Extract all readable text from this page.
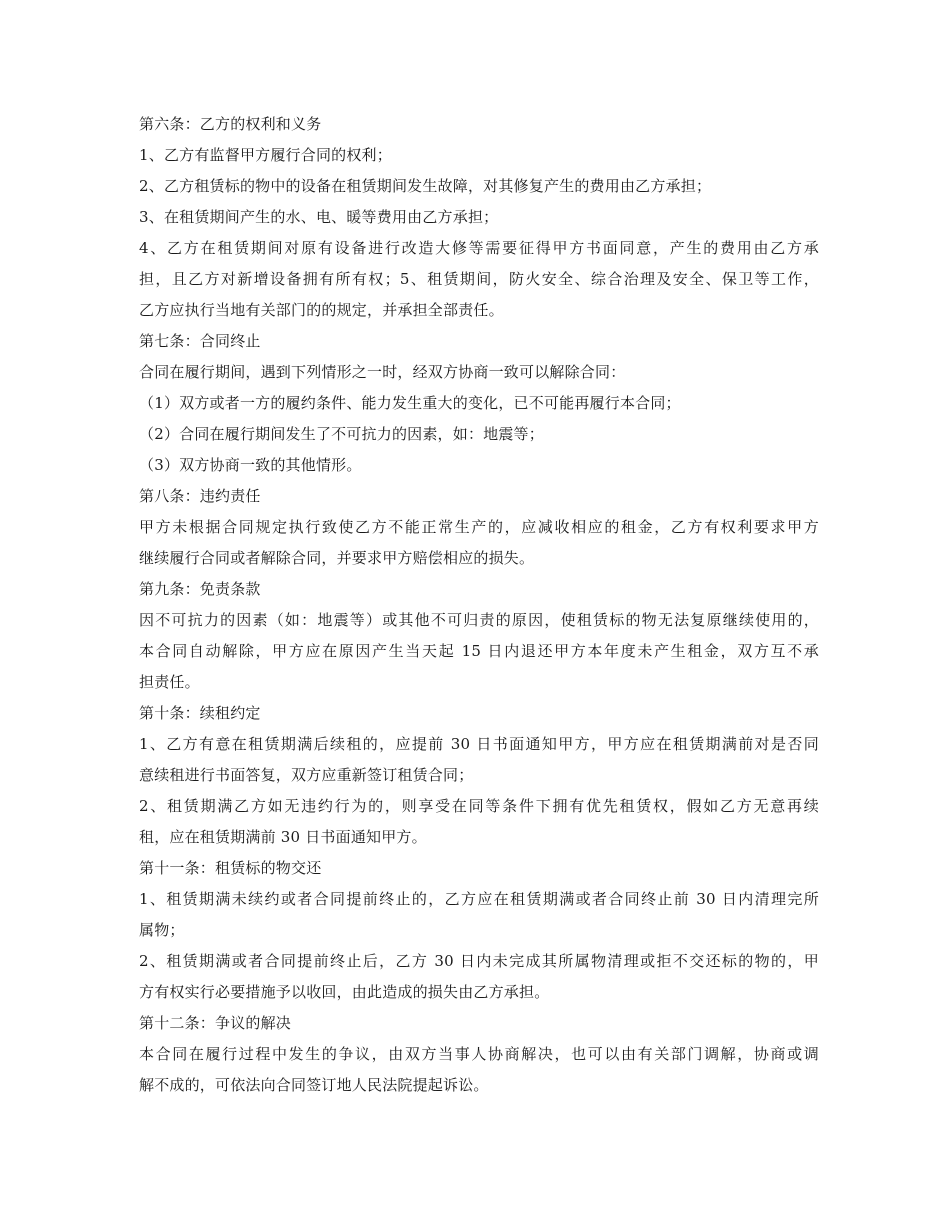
第六条：乙方的权利和义务
1、乙方有监督甲方履行合同的权利；
2、乙方租赁标的物中的设备在租赁期间发生故障，对其修复产生的费用由乙方承担；
3、在租赁期间产生的水、电、暖等费用由乙方承担；
4、乙方在租赁期间对原有设备进行改造大修等需要征得甲方书面同意，产生的费用由乙方承
担，且乙方对新增设备拥有所有权；5、租赁期间，防火安全、综合治理及安全、保卫等工作，
乙方应执行当地有关部门的的规定，并承担全部责任。
第七条：合同终止
合同在履行期间，遇到下列情形之一时，经双方协商一致可以解除合同：
（1）双方或者一方的履约条件、能力发生重大的变化，已不可能再履行本合同；
（2）合同在履行期间发生了不可抗力的因素，如：地震等；
（3）双方协商一致的其他情形。
第八条：违约责任
甲方未根据合同规定执行致使乙方不能正常生产的，应减收相应的租金，乙方有权利要求甲方
继续履行合同或者解除合同，并要求甲方赔偿相应的损失。
第九条：免责条款
因不可抗力的因素（如：地震等）或其他不可归责的原因，使租赁标的物无法复原继续使用的，
本合同自动解除，甲方应在原因产生当天起 15 日内退还甲方本年度未产生租金，双方互不承
担责任。
第十条：续租约定
1、乙方有意在租赁期满后续租的，应提前 30 日书面通知甲方，甲方应在租赁期满前对是否同
意续租进行书面答复，双方应重新签订租赁合同；
2、租赁期满乙方如无违约行为的，则享受在同等条件下拥有优先租赁权，假如乙方无意再续
租，应在租赁期满前 30 日书面通知甲方。
第十一条：租赁标的物交还
1、租赁期满未续约或者合同提前终止的，乙方应在租赁期满或者合同终止前 30 日内清理完所
属物；
2、租赁期满或者合同提前终止后，乙方 30 日内未完成其所属物清理或拒不交还标的物的，甲
方有权实行必要措施予以收回，由此造成的损失由乙方承担。
第十二条：争议的解决
本合同在履行过程中发生的争议，由双方当事人协商解决，也可以由有关部门调解，协商或调
解不成的，可依法向合同签订地人民法院提起诉讼。
